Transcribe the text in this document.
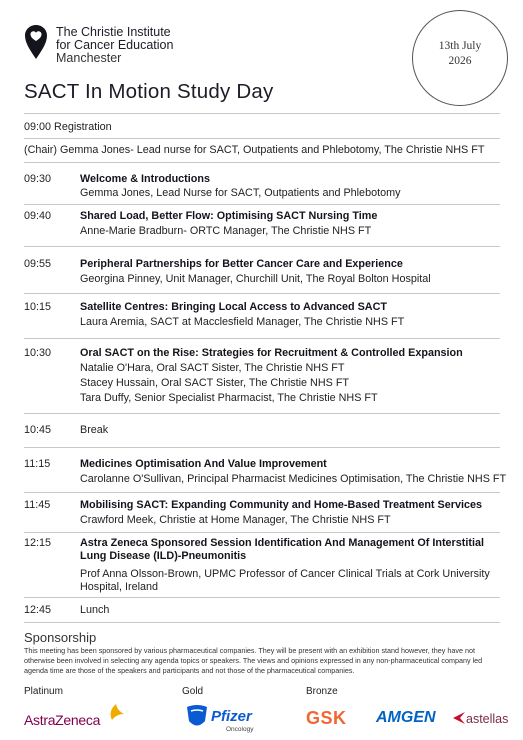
The Christie Institute
for Cancer Education
Manchester
13th July
2026
SACT In Motion Study Day
09:00 Registration
(Chair) Gemma Jones- Lead nurse for SACT, Outpatients and Phlebotomy, The Christie NHS FT
09:30	Welcome & Introductions
Gemma Jones, Lead Nurse for SACT, Outpatients and Phlebotomy
09:40	Shared Load, Better Flow: Optimising SACT Nursing Time
Anne-Marie Bradburn- ORTC Manager, The Christie NHS FT
09:55	Peripheral Partnerships for Better Cancer Care and Experience
Georgina Pinney, Unit Manager, Churchill Unit, The Royal Bolton Hospital
10:15	Satellite Centres: Bringing Local Access to Advanced SACT
Laura Aremia, SACT at Macclesfield Manager, The Christie NHS FT
10:30	Oral SACT on the Rise: Strategies for Recruitment & Controlled Expansion
Natalie O'Hara, Oral SACT Sister, The Christie NHS FT
Stacey Hussain, Oral SACT Sister, The Christie NHS FT
Tara Duffy, Senior Specialist Pharmacist, The Christie NHS FT
10:45	Break
11:15	Medicines Optimisation And Value Improvement
Carolanne O'Sullivan, Principal Pharmacist Medicines Optimisation, The Christie NHS FT
11:45	Mobilising SACT: Expanding Community and Home-Based Treatment Services
Crawford Meek, Christie at Home Manager, The Christie NHS FT
12:15	Astra Zeneca Sponsored Session Identification And Management Of Interstitial Lung Disease (ILD)-Pneumonitis
Prof Anna Olsson-Brown, UPMC Professor of Cancer Clinical Trials at Cork University Hospital, Ireland
12:45	Lunch
Sponsorship
This meeting has been sponsored by various pharmaceutical companies. They will be present with an exhibition stand however, they have not otherwise been involved in selecting any agenda topics or speakers. The views and opinions expressed in any non-pharmaceutical company led agenda time are those of the speakers and participants and not those of the pharmaceutical companies.
Platinum	Gold	Bronze
AstraZeneca	Pfizer
Oncology
GSK AMGEN astellas
